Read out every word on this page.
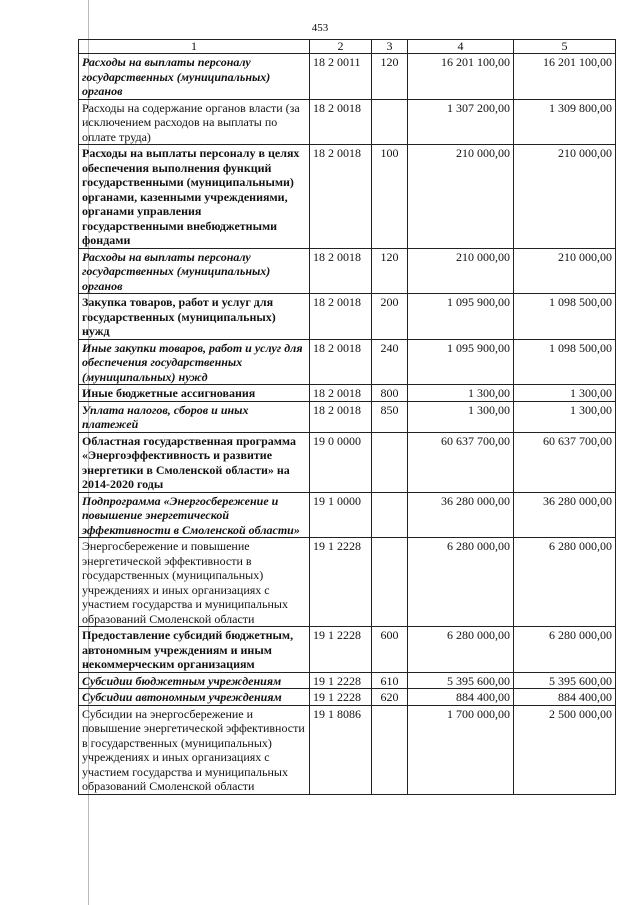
453
1	2	3	4	5
Расходы на выплаты персоналу государственных (муниципальных) органов	18 2 0011	120	16 201 100,00	16 201 100,00
Расходы на содержание органов власти (за исключением расходов на выплаты по оплате труда)	18 2 0018		1 307 200,00	1 309 800,00
Расходы на выплаты персоналу в целях обеспечения выполнения функций государственными (муниципальными) органами, казенными учреждениями, органами управления государственными внебюджетными фондами	18 2 0018	100	210 000,00	210 000,00
Расходы на выплаты персоналу государственных (муниципальных) органов	18 2 0018	120	210 000,00	210 000,00
Закупка товаров, работ и услуг для государственных (муниципальных) нужд	18 2 0018	200	1 095 900,00	1 098 500,00
Иные закупки товаров, работ и услуг для обеспечения государственных (муниципальных) нужд	18 2 0018	240	1 095 900,00	1 098 500,00
Иные бюджетные ассигнования	18 2 0018	800	1 300,00	1 300,00
Уплата налогов, сборов и иных платежей	18 2 0018	850	1 300,00	1 300,00
Областная государственная программа «Энергоэффективность и развитие энергетики в Смоленской области» на 2014-2020 годы	19 0 0000		60 637 700,00	60 637 700,00
Подпрограмма «Энергосбережение и повышение энергетической эффективности в Смоленской области»	19 1 0000		36 280 000,00	36 280 000,00
Энергосбережение и повышение энергетической эффективности в государственных (муниципальных) учреждениях и иных организациях с участием государства и муниципальных образований Смоленской области	19 1 2228		6 280 000,00	6 280 000,00
Предоставление субсидий бюджетным, автономным учреждениям и иным некоммерческим организациям	19 1 2228	600	6 280 000,00	6 280 000,00
Субсидии бюджетным учреждениям	19 1 2228	610	5 395 600,00	5 395 600,00
Субсидии автономным учреждениям	19 1 2228	620	884 400,00	884 400,00
Субсидии на энергосбережение и повышение энергетической эффективности в государственных (муниципальных) учреждениях и иных организациях с участием государства и муниципальных образований Смоленской области	19 1 8086		1 700 000,00	2 500 000,00
